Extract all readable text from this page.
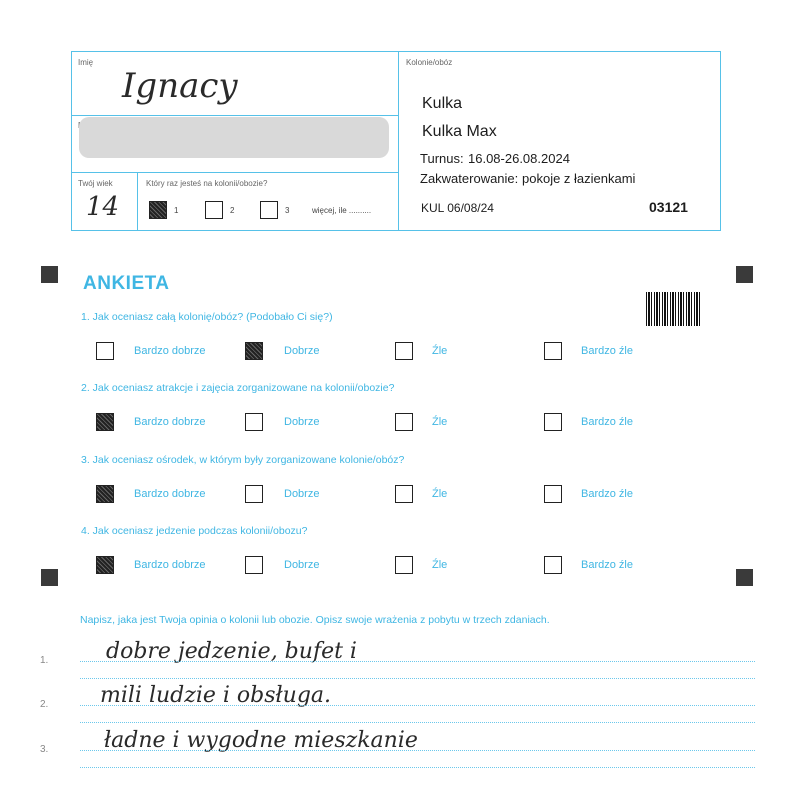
Imię
Ignacy
Twój wiek
14
Który raz jesteś na kolonii/obozie?
1	2	3	więcej, ile ..........
Kolonie/obóz
Kulka
Kulka Max
Turnus: 16.08-26.08.2024
Zakwaterowanie: pokoje z łazienkami
KUL 06/08/24	03121
ANKIETA
1. Jak oceniasz całą kolonię/obóz? (Podobało Ci się?)
Bardzo dobrze	Dobrze	Źle	Bardzo źle
2. Jak oceniasz atrakcje i zajęcia zorganizowane na kolonii/obozie?
Bardzo dobrze	Dobrze	Źle	Bardzo źle
3. Jak oceniasz ośrodek, w którym były zorganizowane kolonie/obóz?
Bardzo dobrze	Dobrze	Źle	Bardzo źle
4. Jak oceniasz jedzenie podczas kolonii/obozu?
Bardzo dobrze	Dobrze	Źle	Bardzo źle
Napisz, jaka jest Twoja opinia o kolonii lub obozie. Opisz swoje wrażenia z pobytu w trzech zdaniach.
1.	dobre jedzenie, bufet i
2. mili ludzie i obsługa.
3.	ładne i wygodne mieszkanie
